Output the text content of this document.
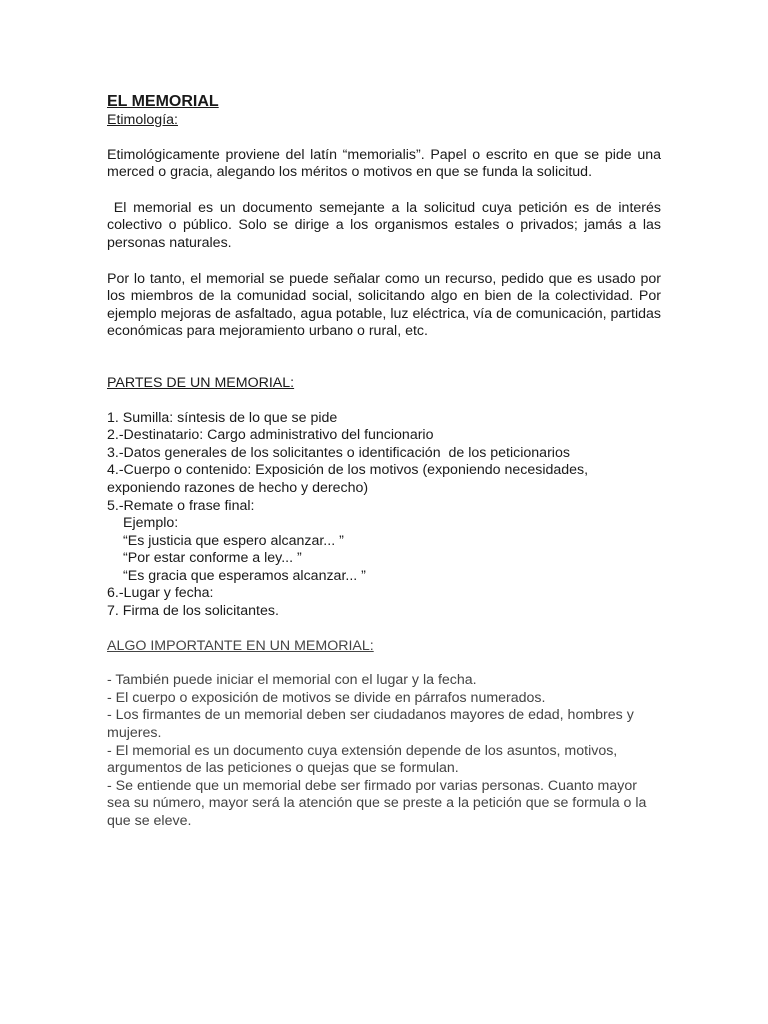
EL MEMORIAL

Etimología:

Etimológicamente proviene del latín “memorialis”. Papel o escrito en que se pide una merced o gracia, alegando los méritos o motivos en que se funda la solicitud.

El memorial es un documento semejante a la solicitud cuya petición es de interés colectivo o público. Solo se dirige a los organismos estales o privados; jamás a las personas naturales.

Por lo tanto, el memorial se puede señalar como un recurso, pedido que es usado por los miembros de la comunidad social, solicitando algo en bien de la colectividad. Por ejemplo mejoras de asfaltado, agua potable, luz eléctrica, vía de comunicación, partidas económicas para mejoramiento urbano o rural, etc.

PARTES DE UN MEMORIAL:

1. Sumilla: síntesis de lo que se pide

2.-Destinatario: Cargo administrativo del funcionario

3.-Datos generales de los solicitantes o identificación  de los peticionarios

4.-Cuerpo o contenido: Exposición de los motivos (exponiendo necesidades, exponiendo razones de hecho y derecho)

5.-Remate o frase final:

Ejemplo:

“Es justicia que espero alcanzar... ”

“Por estar conforme a ley... ”

“Es gracia que esperamos alcanzar... ”

6.-Lugar y fecha:

7. Firma de los solicitantes.

ALGO IMPORTANTE EN UN MEMORIAL:

- También puede iniciar el memorial con el lugar y la fecha.

- El cuerpo o exposición de motivos se divide en párrafos numerados.

- Los firmantes de un memorial deben ser ciudadanos mayores de edad, hombres y     mujeres.

- El memorial es un documento cuya extensión depende de los asuntos, motivos, argumentos de las peticiones o quejas que se formulan.

- Se entiende que un memorial debe ser firmado por varias personas. Cuanto mayor sea su número, mayor será la atención que se preste a la petición que se formula o la que se eleve.
